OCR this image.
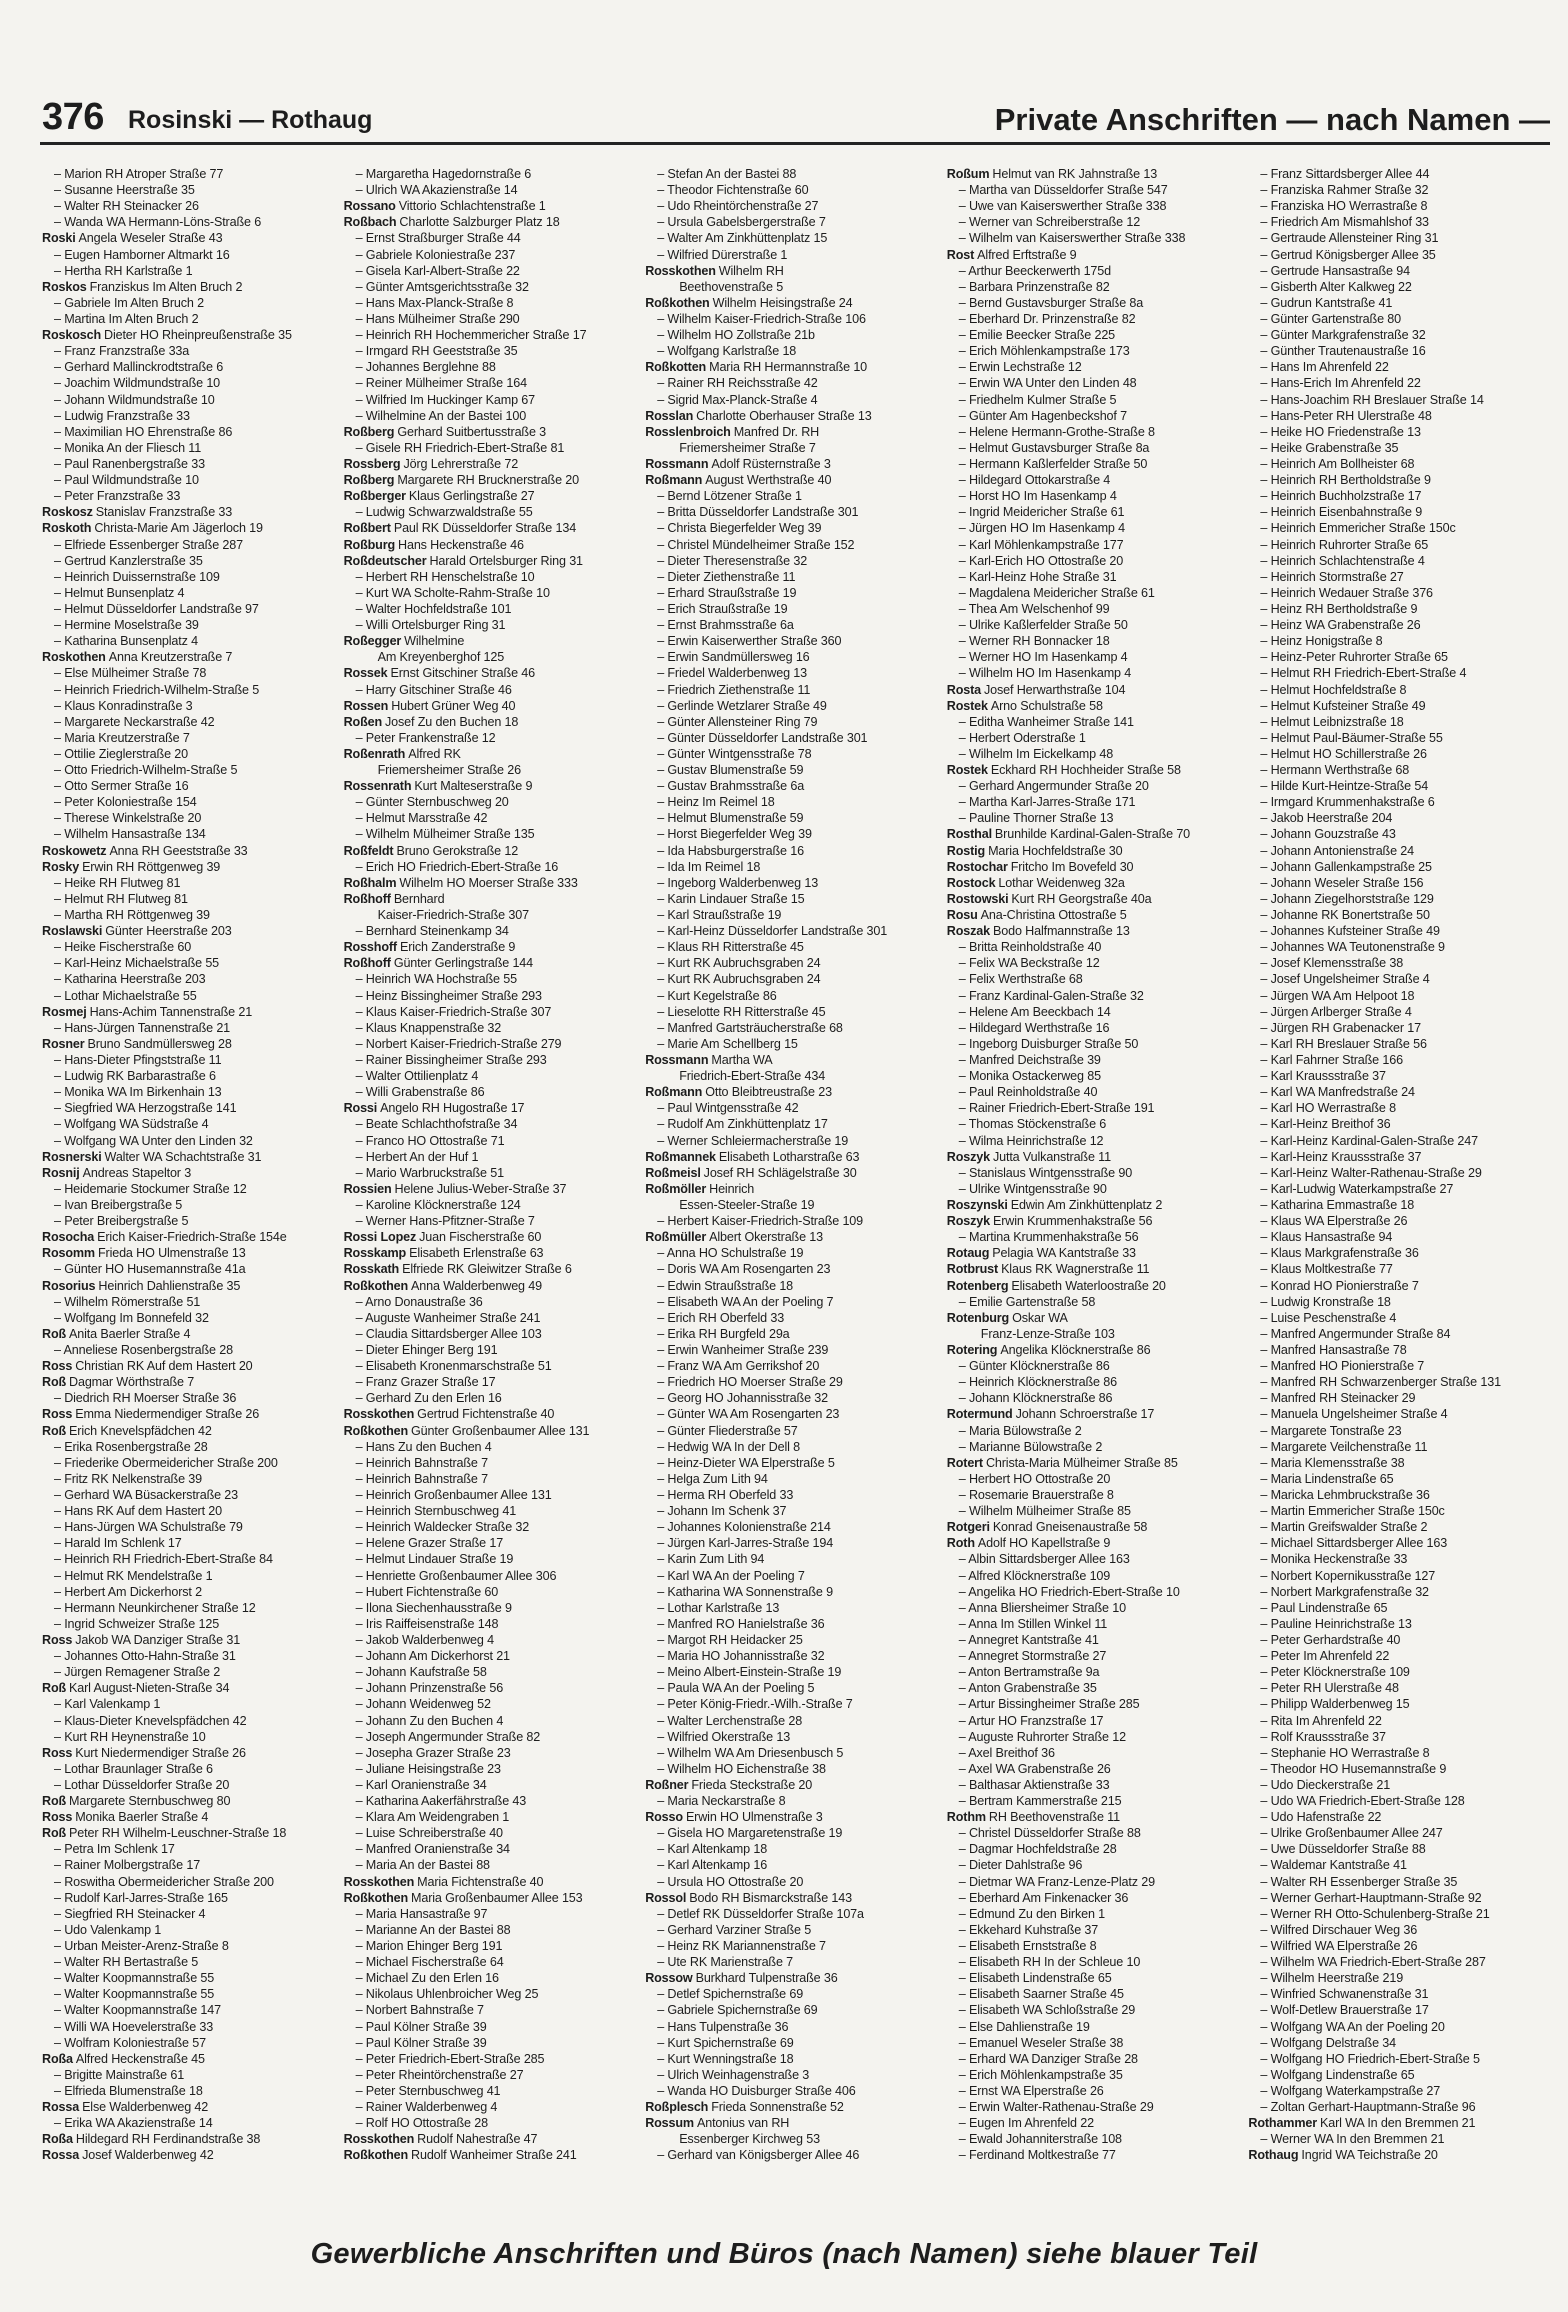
376 Rosinski — Rothaug	Private Anschriften — nach Namen —
– Marion RH Atroper Straße 77
– Susanne Heerstraße 35
– Walter RH Steinacker 26
– Wanda WA Hermann-Löns-Straße 6
Roski Angela Weseler Straße 43
– Eugen Hamborner Altmarkt 16
– Hertha RH Karlstraße 1
Roskos Franziskus Im Alten Bruch 2
– Gabriele Im Alten Bruch 2
– Martina Im Alten Bruch 2
Roskosch Dieter HO Rheinpreußenstraße 35
– Franz Franzstraße 33a
– Gerhard Mallinckrodtstraße 6
– Joachim Wildmundstraße 10
– Johann Wildmundstraße 10
– Ludwig Franzstraße 33
– Maximilian HO Ehrenstraße 86
– Monika An der Fliesch 11
– Paul Ranenbergstraße 33
– Paul Wildmundstraße 10
– Peter Franzstraße 33
Roskosz Stanislav Franzstraße 33
Roskoth Christa-Marie Am Jägerloch 19
– Elfriede Essenberger Straße 287
– Gertrud Kanzlerstraße 35
– Heinrich Duissernstraße 109
– Helmut Bunsenplatz 4
– Helmut Düsseldorfer Landstraße 97
– Hermine Moselstraße 39
– Katharina Bunsenplatz 4
Roskothen Anna Kreutzerstraße 7
– Else Mülheimer Straße 78
– Heinrich Friedrich-Wilhelm-Straße 5
– Klaus Konradinstraße 3
– Margarete Neckarstraße 42
– Maria Kreutzerstraße 7
– Ottilie Zieglerstraße 20
– Otto Friedrich-Wilhelm-Straße 5
– Otto Sermer Straße 16
– Peter Koloniestraße 154
– Therese Winkelstraße 20
– Wilhelm Hansastraße 134
Roskowetz Anna RH Geeststraße 33
Rosky Erwin RH Röttgenweg 39
– Heike RH Flutweg 81
– Helmut RH Flutweg 81
– Martha RH Röttgenweg 39
Roslawski Günter Heerstraße 203
– Heike Fischerstraße 60
– Karl-Heinz Michaelstraße 55
– Katharina Heerstraße 203
– Lothar Michaelstraße 55
Rosmej Hans-Achim Tannenstraße 21
– Hans-Jürgen Tannenstraße 21
Rosner Bruno Sandmüllersweg 28
– Hans-Dieter Pfingststraße 11
– Ludwig RK Barbarastraße 6
– Monika WA Im Birkenhain 13
– Siegfried WA Herzogstraße 141
– Wolfgang WA Südstraße 4
– Wolfgang WA Unter den Linden 32
Rosnerski Walter WA Schachtstraße 31
Rosnij Andreas Stapeltor 3
– Heidemarie Stockumer Straße 12
– Ivan Breibergstraße 5
– Peter Breibergstraße 5
Rosocha Erich Kaiser-Friedrich-Straße 154e
Rosomm Frieda HO Ulmenstraße 13
– Günter HO Husemannstraße 41a
Rosorius Heinrich Dahlienstraße 35
– Wilhelm Römerstraße 51
– Wolfgang Im Bonnefeld 32
Roß Anita Baerler Straße 4
– Anneliese Rosenbergstraße 28
Ross Christian RK Auf dem Hastert 20
Roß Dagmar Wörthstraße 7
– Diedrich RH Moerser Straße 36
Ross Emma Niedermendiger Straße 26
Roß Erich Knevelspfädchen 42
– Erika Rosenbergstraße 28
– Friederike Obermeidericher Straße 200
– Fritz RK Nelkenstraße 39
– Gerhard WA Büsackerstraße 23
– Hans RK Auf dem Hastert 20
– Hans-Jürgen WA Schulstraße 79
– Harald Im Schlenk 17
– Heinrich RH Friedrich-Ebert-Straße 84
– Helmut RK Mendelstraße 1
– Herbert Am Dickerhorst 2
– Hermann Neunkirchener Straße 12
– Ingrid Schweizer Straße 125
Ross Jakob WA Danziger Straße 31
– Johannes Otto-Hahn-Straße 31
– Jürgen Remagener Straße 2
Roß Karl August-Nieten-Straße 34
– Karl Valenkamp 1
– Klaus-Dieter Knevelspfädchen 42
– Kurt RH Heynenstraße 10
Ross Kurt Niedermendiger Straße 26
– Lothar Braunlager Straße 6
– Lothar Düsseldorfer Straße 20
Roß Margarete Sternbuschweg 80
Ross Monika Baerler Straße 4
Roß Peter RH Wilhelm-Leuschner-Straße 18
– Petra Im Schlenk 17
– Rainer Molbergstraße 17
– Roswitha Obermeidericher Straße 200
– Rudolf Karl-Jarres-Straße 165
– Siegfried RH Steinacker 4
– Udo Valenkamp 1
– Urban Meister-Arenz-Straße 8
– Walter RH Bertastraße 5
– Walter Koopmannstraße 55
– Walter Koopmannstraße 55
– Walter Koopmannstraße 147
– Willi WA Hoevelerstraße 33
– Wolfram Koloniestraße 57
Roßa Alfred Heckenstraße 45
– Brigitte Mainstraße 61
– Elfrieda Blumenstraße 18
Rossa Else Walderbenweg 42
– Erika WA Akazienstraße 14
Roßa Hildegard RH Ferdinandstraße 38
Rossa Josef Walderbenweg 42
– Margaretha Hagedornstraße 6
– Ulrich WA Akazienstraße 14
Rossano Vittorio Schlachtenstraße 1
Roßbach Charlotte Salzburger Platz 18
– Ernst Straßburger Straße 44
– Gabriele Koloniestraße 237
– Gisela Karl-Albert-Straße 22
– Günter Amtsgerichtsstraße 32
– Hans Max-Planck-Straße 8
– Hans Mülheimer Straße 290
– Heinrich RH Hochemmericher Straße 17
– Irmgard RH Geeststraße 35
– Johannes Berglehne 88
– Reiner Mülheimer Straße 164
– Wilfried Im Huckinger Kamp 67
– Wilhelmine An der Bastei 100
Roßberg Gerhard Suitbertusstraße 3
– Gisele RH Friedrich-Ebert-Straße 81
Rossberg Jörg Lehrerstraße 72
Roßberg Margarete RH Brucknerstraße 20
Roßberger Klaus Gerlingstraße 27
– Ludwig Schwarzwaldstraße 55
Roßbert Paul RK Düsseldorfer Straße 134
Roßburg Hans Heckenstraße 46
Roßdeutscher Harald Ortelsburger Ring 31
– Herbert RH Henschelstraße 10
– Kurt WA Scholte-Rahm-Straße 10
– Walter Hochfeldstraße 101
– Willi Ortelsburger Ring 31
Roßegger Wilhelmine
Am Kreyenberghof 125
Rossek Ernst Gitschiner Straße 46
– Harry Gitschiner Straße 46
Rossen Hubert Grüner Weg 40
Roßen Josef Zu den Buchen 18
– Peter Frankenstraße 12
Roßenrath Alfred RK
Friemersheimer Straße 26
Rossenrath Kurt Malteserstraße 9
– Günter Sternbuschweg 20
– Helmut Marsstraße 42
– Wilhelm Mülheimer Straße 135
Roßfeldt Bruno Gerokstraße 12
– Erich HO Friedrich-Ebert-Straße 16
Roßhalm Wilhelm HO Moerser Straße 333
Roßhoff Bernhard
Kaiser-Friedrich-Straße 307
– Bernhard Steinenkamp 34
Rosshoff Erich Zanderstraße 9
Roßhoff Günter Gerlingstraße 144
– Heinrich WA Hochstraße 55
– Heinz Bissingheimer Straße 293
– Klaus Kaiser-Friedrich-Straße 307
– Klaus Knappenstraße 32
– Norbert Kaiser-Friedrich-Straße 279
– Rainer Bissingheimer Straße 293
– Walter Ottilienplatz 4
– Willi Grabenstraße 86
Rossi Angelo RH Hugostraße 17
– Beate Schlachthofstraße 34
– Franco HO Ottostraße 71
– Herbert An der Huf 1
– Mario Warbruckstraße 51
Rossien Helene Julius-Weber-Straße 37
– Karoline Klöcknerstraße 124
– Werner Hans-Pfitzner-Straße 7
Rossi Lopez Juan Fischerstraße 60
Rosskamp Elisabeth Erlenstraße 63
Rosskath Elfriede RK Gleiwitzer Straße 6
Roßkothen Anna Walderbenweg 49
– Arno Donaustraße 36
– Auguste Wanheimer Straße 241
– Claudia Sittardsberger Allee 103
– Dieter Ehinger Berg 191
– Elisabeth Kronenmarschstraße 51
– Franz Grazer Straße 17
– Gerhard Zu den Erlen 16
Rosskothen Gertrud Fichtenstraße 40
Roßkothen Günter Großenbaumer Allee 131
– Hans Zu den Buchen 4
– Heinrich Bahnstraße 7
– Heinrich Bahnstraße 7
– Heinrich Großenbaumer Allee 131
– Heinrich Sternbuschweg 41
– Heinrich Waldecker Straße 32
– Helene Grazer Straße 17
– Helmut Lindauer Straße 19
– Henriette Großenbaumer Allee 306
– Hubert Fichtenstraße 60
– Ilona Siechenhausstraße 9
– Iris Raiffeisenstraße 148
– Jakob Walderbenweg 4
– Johann Am Dickerhorst 21
– Johann Kaufstraße 58
– Johann Prinzenstraße 56
– Johann Weidenweg 52
– Johann Zu den Buchen 4
– Joseph Angermunder Straße 82
– Josepha Grazer Straße 23
– Juliane Heisingstraße 23
– Karl Oranienstraße 34
– Katharina Aakerfährstraße 43
– Klara Am Weidengraben 1
– Luise Schreiberstraße 40
– Manfred Oranienstraße 34
– Maria An der Bastei 88
Rosskothen Maria Fichtenstraße 40
Roßkothen Maria Großenbaumer Allee 153
– Maria Hansastraße 97
– Marianne An der Bastei 88
– Marion Ehinger Berg 191
– Michael Fischerstraße 64
– Michael Zu den Erlen 16
– Nikolaus Uhlenbroicher Weg 25
– Norbert Bahnstraße 7
– Paul Kölner Straße 39
– Paul Kölner Straße 39
– Peter Friedrich-Ebert-Straße 285
– Peter Rheintörchenstraße 27
– Peter Sternbuschweg 41
– Rainer Walderbenweg 4
– Rolf HO Ottostraße 28
Rosskothen Rudolf Nahestraße 47
Roßkothen Rudolf Wanheimer Straße 241
– Stefan An der Bastei 88
– Theodor Fichtenstraße 60
– Udo Rheintörchenstraße 27
– Ursula Gabelsbergerstraße 7
– Walter Am Zinkhüttenplatz 15
– Wilfried Dürerstraße 1
Rosskothen Wilhelm RH
Beethovenstraße 5
Roßkothen Wilhelm Heisingstraße 24
– Wilhelm Kaiser-Friedrich-Straße 106
– Wilhelm HO Zollstraße 21b
– Wolfgang Karlstraße 18
Roßkotten Maria RH Hermannstraße 10
– Rainer RH Reichsstraße 42
– Sigrid Max-Planck-Straße 4
Rosslan Charlotte Oberhauser Straße 13
Rosslenbroich Manfred Dr. RH
Friemersheimer Straße 7
Rossmann Adolf Rüsternstraße 3
Roßmann August Werthstraße 40
– Bernd Lötzener Straße 1
– Britta Düsseldorfer Landstraße 301
– Christa Biegerfelder Weg 39
– Christel Mündelheimer Straße 152
– Dieter Theresenstraße 32
– Dieter Ziethenstraße 11
– Erhard Straußstraße 19
– Erich Straußstraße 19
– Ernst Brahmsstraße 6a
– Erwin Kaiserwerther Straße 360
– Erwin Sandmüllersweg 16
– Friedel Walderbenweg 13
– Friedrich Ziethenstraße 11
– Gerlinde Wetzlarer Straße 49
– Günter Allensteiner Ring 79
– Günter Düsseldorfer Landstraße 301
– Günter Wintgensstraße 78
– Gustav Blumenstraße 59
– Gustav Brahmsstraße 6a
– Heinz Im Reimel 18
– Helmut Blumenstraße 59
– Horst Biegerfelder Weg 39
– Ida Habsburgerstraße 16
– Ida Im Reimel 18
– Ingeborg Walderbenweg 13
– Karin Lindauer Straße 15
– Karl Straußstraße 19
– Karl-Heinz Düsseldorfer Landstraße 301
– Klaus RH Ritterstraße 45
– Kurt RK Aubruchsgraben 24
– Kurt RK Aubruchsgraben 24
– Kurt Kegelstraße 86
– Lieselotte RH Ritterstraße 45
– Manfred Gartsträucherstraße 68
– Marie Am Schellberg 15
Rossmann Martha WA
Friedrich-Ebert-Straße 434
Roßmann Otto Bleibtreustraße 23
– Paul Wintgensstraße 42
– Rudolf Am Zinkhüttenplatz 17
– Werner Schleiermacherstraße 19
Roßmannek Elisabeth Lotharstraße 63
Roßmeisl Josef RH Schlägelstraße 30
Roßmöller Heinrich
Essen-Steeler-Straße 19
– Herbert Kaiser-Friedrich-Straße 109
Roßmüller Albert Okerstraße 13
– Anna HO Schulstraße 19
– Doris WA Am Rosengarten 23
– Edwin Straußstraße 18
– Elisabeth WA An der Poeling 7
– Erich RH Oberfeld 33
– Erika RH Burgfeld 29a
– Erwin Wanheimer Straße 239
– Franz WA Am Gerrikshof 20
– Friedrich HO Moerser Straße 29
– Georg HO Johannisstraße 32
– Günter WA Am Rosengarten 23
– Günter Fliederstraße 57
– Hedwig WA In der Dell 8
– Heinz-Dieter WA Elperstraße 5
– Helga Zum Lith 94
– Herma RH Oberfeld 33
– Johann Im Schenk 37
– Johannes Kolonienstraße 214
– Jürgen Karl-Jarres-Straße 194
– Karin Zum Lith 94
– Karl WA An der Poeling 7
– Katharina WA Sonnenstraße 9
– Lothar Karlstraße 13
– Manfred RO Hanielstraße 36
– Margot RH Heidacker 25
– Maria HO Johannisstraße 32
– Meino Albert-Einstein-Straße 19
– Paula WA An der Poeling 5
– Peter König-Friedr.-Wilh.-Straße 7
– Walter Lerchenstraße 28
– Wilfried Okerstraße 13
– Wilhelm WA Am Driesenbusch 5
– Wilhelm HO Eichenstraße 38
Roßner Frieda Steckstraße 20
– Maria Neckarstraße 8
Rosso Erwin HO Ulmenstraße 3
– Gisela HO Margaretenstraße 19
– Karl Altenkamp 18
– Karl Altenkamp 16
– Ursula HO Ottostraße 20
Rossol Bodo RH Bismarckstraße 143
– Detlef RK Düsseldorfer Straße 107a
– Gerhard Varziner Straße 5
– Heinz RK Mariannenstraße 7
– Ute RK Marienstraße 7
Rossow Burkhard Tulpenstraße 36
– Detlef Spichernstraße 69
– Gabriele Spichernstraße 69
– Hans Tulpenstraße 36
– Kurt Spichernstraße 69
– Kurt Wenningstraße 18
– Ulrich Weinhagenstraße 3
– Wanda HO Duisburger Straße 406
Roßplesch Frieda Sonnenstraße 52
Rossum Antonius van RH
Essenberger Kirchweg 53
– Gerhard van Königsberger Allee 46
Roßum Helmut van RK Jahnstraße 13
– Martha van Düsseldorfer Straße 547
– Uwe van Kaiserswerther Straße 338
– Werner van Schreiberstraße 12
– Wilhelm van Kaiserswerther Straße 338
Rost Alfred Erftstraße 9
– Arthur Beeckerwerth 175d
– Barbara Prinzenstraße 82
– Bernd Gustavsburger Straße 8a
– Eberhard Dr. Prinzenstraße 82
– Emilie Beecker Straße 225
– Erich Möhlenkampstraße 173
– Erwin Lechstraße 12
– Erwin WA Unter den Linden 48
– Friedhelm Kulmer Straße 5
– Günter Am Hagenbeckshof 7
– Helene Hermann-Grothe-Straße 8
– Helmut Gustavsburger Straße 8a
– Hermann Kaßlerfelder Straße 50
– Hildegard Ottokarstraße 4
– Horst HO Im Hasenkamp 4
– Ingrid Meidericher Straße 61
– Jürgen HO Im Hasenkamp 4
– Karl Möhlenkampstraße 177
– Karl-Erich HO Ottostraße 20
– Karl-Heinz Hohe Straße 31
– Magdalena Meidericher Straße 61
– Thea Am Welschenhof 99
– Ulrike Kaßlerfelder Straße 50
– Werner RH Bonnacker 18
– Werner HO Im Hasenkamp 4
– Wilhelm HO Im Hasenkamp 4
Rosta Josef Herwarthstraße 104
Rostek Arno Schulstraße 58
– Editha Wanheimer Straße 141
– Herbert Oderstraße 1
– Wilhelm Im Eickelkamp 48
Rostek Eckhard RH Hochheider Straße 58
– Gerhard Angermunder Straße 20
– Martha Karl-Jarres-Straße 171
– Pauline Thorner Straße 13
Rosthal Brunhilde Kardinal-Galen-Straße 70
Rostig Maria Hochfeldstraße 30
Rostochar Fritcho Im Bovefeld 30
Rostock Lothar Weidenweg 32a
Rostowski Kurt RH Georgstraße 40a
Rosu Ana-Christina Ottostraße 5
Roszak Bodo Halfmannstraße 13
– Britta Reinholdstraße 40
– Felix WA Beckstraße 12
– Felix Werthstraße 68
– Franz Kardinal-Galen-Straße 32
– Helene Am Beeckbach 14
– Hildegard Werthstraße 16
– Ingeborg Duisburger Straße 50
– Manfred Deichstraße 39
– Monika Ostackerweg 85
– Paul Reinholdstraße 40
– Rainer Friedrich-Ebert-Straße 191
– Thomas Stöckenstraße 6
– Wilma Heinrichstraße 12
Roszyk Jutta Vulkanstraße 11
– Stanislaus Wintgensstraße 90
– Ulrike Wintgensstraße 90
Roszynski Edwin Am Zinkhüttenplatz 2
Roszyk Erwin Krummenhakstraße 56
– Martina Krummenhakstraße 56
Rotaug Pelagia WA Kantstraße 33
Rotbrust Klaus RK Wagnerstraße 11
Rotenberg Elisabeth Waterloostraße 20
– Emilie Gartenstraße 58
Rotenburg Oskar WA
Franz-Lenze-Straße 103
Rotering Angelika Klöcknerstraße 86
– Günter Klöcknerstraße 86
– Heinrich Klöcknerstraße 86
– Johann Klöcknerstraße 86
Rotermund Johann Schroerstraße 17
– Maria Bülowstraße 2
– Marianne Bülowstraße 2
Rotert Christa-Maria Mülheimer Straße 85
– Herbert HO Ottostraße 20
– Rosemarie Brauerstraße 8
– Wilhelm Mülheimer Straße 85
Rotgeri Konrad Gneisenaustraße 58
Roth Adolf HO Kapellstraße 9
– Albin Sittardsberger Allee 163
– Alfred Klöcknerstraße 109
– Angelika HO Friedrich-Ebert-Straße 10
– Anna Bliersheimer Straße 10
– Anna Im Stillen Winkel 11
– Annegret Kantstraße 41
– Annegret Stormstraße 27
– Anton Bertramstraße 9a
– Anton Grabenstraße 35
– Artur Bissingheimer Straße 285
– Artur HO Franzstraße 17
– Auguste Ruhrorter Straße 12
– Axel Breithof 36
– Axel WA Grabenstraße 26
– Balthasar Aktienstraße 33
– Bertram Kammerstraße 215
Rothm RH Beethovenstraße 11
– Christel Düsseldorfer Straße 88
– Dagmar Hochfeldstraße 28
– Dieter Dahlstraße 96
– Dietmar WA Franz-Lenze-Platz 29
– Eberhard Am Finkenacker 36
– Edmund Zu den Birken 1
– Ekkehard Kuhstraße 37
– Elisabeth Ernststraße 8
– Elisabeth RH In der Schleue 10
– Elisabeth Lindenstraße 65
– Elisabeth Saarner Straße 45
– Elisabeth WA Schloßstraße 29
– Else Dahlienstraße 19
– Emanuel Weseler Straße 38
– Erhard WA Danziger Straße 28
– Erich Möhlenkampstraße 35
– Ernst WA Elperstraße 26
– Erwin Walter-Rathenau-Straße 29
– Eugen Im Ahrenfeld 22
– Ewald Johanniterstraße 108
– Ferdinand Moltkestraße 77
– Franz Sittardsberger Allee 44
– Franziska Rahmer Straße 32
– Franziska HO Werrastraße 8
– Friedrich Am Mismahlshof 33
– Gertraude Allensteiner Ring 31
– Gertrud Königsberger Allee 35
– Gertrude Hansastraße 94
– Gisberth Alter Kalkweg 22
– Gudrun Kantstraße 41
– Günter Gartenstraße 80
– Günter Markgrafenstraße 32
– Günther Trautenaustraße 16
– Hans Im Ahrenfeld 22
– Hans-Erich Im Ahrenfeld 22
– Hans-Joachim RH Breslauer Straße 14
– Hans-Peter RH Ulerstraße 48
– Heike HO Friedenstraße 13
– Heike Grabenstraße 35
– Heinrich Am Bollheister 68
– Heinrich RH Bertholdstraße 9
– Heinrich Buchholzstraße 17
– Heinrich Eisenbahnstraße 9
– Heinrich Emmericher Straße 150c
– Heinrich Ruhrorter Straße 65
– Heinrich Schlachtenstraße 4
– Heinrich Stormstraße 27
– Heinrich Wedauer Straße 376
– Heinz RH Bertholdstraße 9
– Heinz WA Grabenstraße 26
– Heinz Honigstraße 8
– Heinz-Peter Ruhrorter Straße 65
– Helmut RH Friedrich-Ebert-Straße 4
– Helmut Hochfeldstraße 8
– Helmut Kufsteiner Straße 49
– Helmut Leibnizstraße 18
– Helmut Paul-Bäumer-Straße 55
– Helmut HO Schillerstraße 26
– Hermann Werthstraße 68
– Hilde Kurt-Heintze-Straße 54
– Irmgard Krummenhakstraße 6
– Jakob Heerstraße 204
– Johann Gouzstraße 43
– Johann Antonienstraße 24
– Johann Gallenkampstraße 25
– Johann Weseler Straße 156
– Johann Ziegelhorststraße 129
– Johanne RK Bonertstraße 50
– Johannes Kufsteiner Straße 49
– Johannes WA Teutonenstraße 9
– Josef Klemensstraße 38
– Josef Ungelsheimer Straße 4
– Jürgen WA Am Helpoot 18
– Jürgen Arlberger Straße 4
– Jürgen RH Grabenacker 17
– Karl RH Breslauer Straße 56
– Karl Fahrner Straße 166
– Karl Kraussstraße 37
– Karl WA Manfredstraße 24
– Karl HO Werrastraße 8
– Karl-Heinz Breithof 36
– Karl-Heinz Kardinal-Galen-Straße 247
– Karl-Heinz Kraussstraße 37
– Karl-Heinz Walter-Rathenau-Straße 29
– Karl-Ludwig Waterkampstraße 27
– Katharina Emmastraße 18
– Klaus WA Elperstraße 26
– Klaus Hansastraße 94
– Klaus Markgrafenstraße 36
– Klaus Moltkestraße 77
– Konrad HO Pionierstraße 7
– Ludwig Kronstraße 18
– Luise Peschenstraße 4
– Manfred Angermunder Straße 84
– Manfred Hansastraße 78
– Manfred HO Pionierstraße 7
– Manfred RH Schwarzenberger Straße 131
– Manfred RH Steinacker 29
– Manuela Ungelsheimer Straße 4
– Margarete Tonstraße 23
– Margarete Veilchenstraße 11
– Maria Klemensstraße 38
– Maria Lindenstraße 65
– Maricka Lehmbruckstraße 36
– Martin Emmericher Straße 150c
– Martin Greifswalder Straße 2
– Michael Sittardsberger Allee 163
– Monika Heckenstraße 33
– Norbert Kopernikusstraße 127
– Norbert Markgrafenstraße 32
– Paul Lindenstraße 65
– Pauline Heinrichstraße 13
– Peter Gerhardstraße 40
– Peter Im Ahrenfeld 22
– Peter Klöcknerstraße 109
– Peter RH Ulerstraße 48
– Philipp Walderbenweg 15
– Rita Im Ahrenfeld 22
– Rolf Kraussstraße 37
– Stephanie HO Werrastraße 8
– Theodor HO Husemannstraße 9
– Udo Dieckerstraße 21
– Udo WA Friedrich-Ebert-Straße 128
– Udo Hafenstraße 22
– Ulrike Großenbaumer Allee 247
– Uwe Düsseldorfer Straße 88
– Waldemar Kantstraße 41
– Walter RH Essenberger Straße 35
– Werner Gerhart-Hauptmann-Straße 92
– Werner RH Otto-Schulenberg-Straße 21
– Wilfred Dirschauer Weg 36
– Wilfried WA Elperstraße 26
– Wilhelm WA Friedrich-Ebert-Straße 287
– Wilhelm Heerstraße 219
– Winfried Schwanenstraße 31
– Wolf-Detlew Brauerstraße 17
– Wolfgang WA An der Poeling 20
– Wolfgang Delstraße 34
– Wolfgang HO Friedrich-Ebert-Straße 5
– Wolfgang Lindenstraße 65
– Wolfgang Waterkampstraße 27
– Zoltan Gerhart-Hauptmann-Straße 96
Rothammer Karl WA In den Bremmen 21
– Werner WA In den Bremmen 21
Rothaug Ingrid WA Teichstraße 20
Gewerbliche Anschriften und Büros (nach Namen) siehe blauer Teil
